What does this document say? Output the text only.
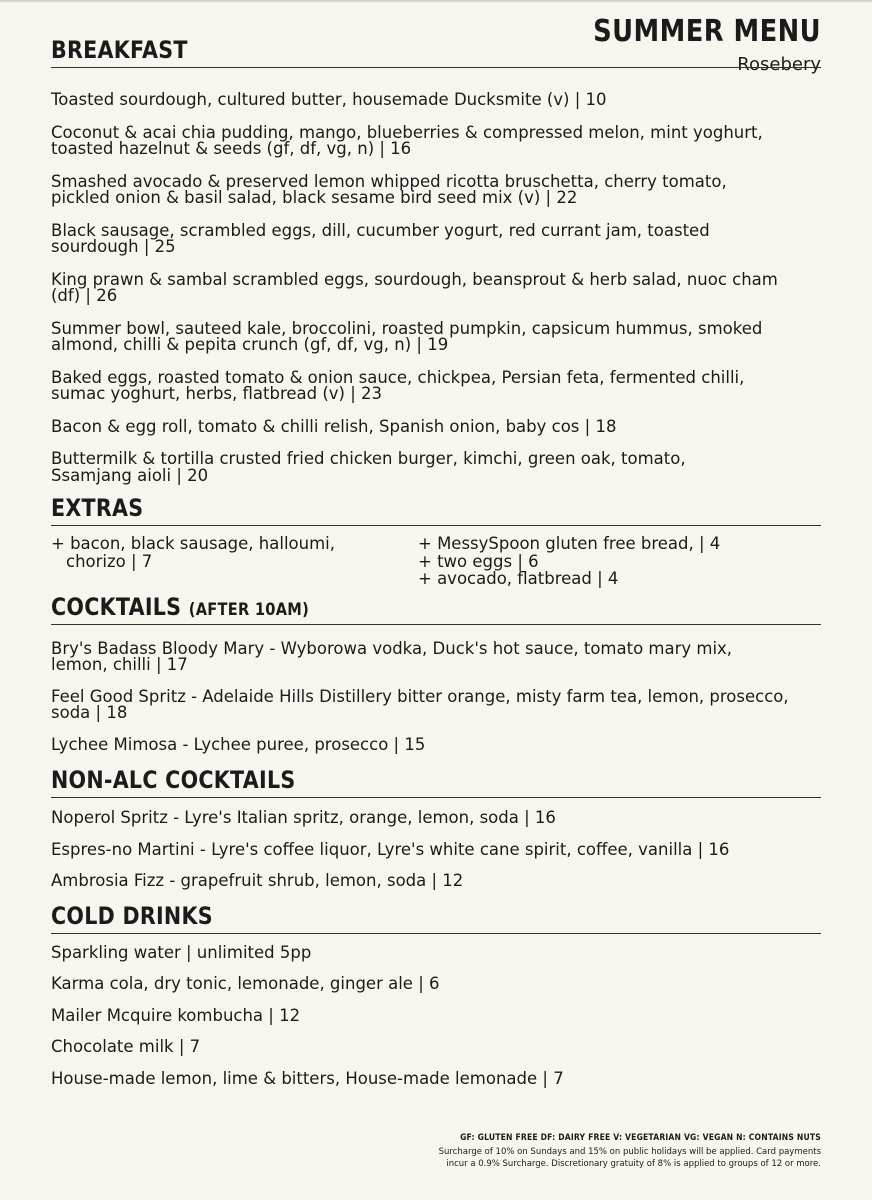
SUMMER MENU
Rosebery
BREAKFAST
Toasted sourdough, cultured butter, housemade Ducksmite (v) | 10
Coconut & acai chia pudding, mango, blueberries & compressed melon, mint yoghurt,
toasted hazelnut & seeds (gf, df, vg, n) | 16
Smashed avocado & preserved lemon whipped ricotta bruschetta, cherry tomato,
pickled onion & basil salad, black sesame bird seed mix (v) | 22
Black sausage, scrambled eggs, dill, cucumber yogurt, red currant jam, toasted
sourdough | 25
King prawn & sambal scrambled eggs, sourdough, beansprout & herb salad, nuoc cham
(df) | 26
Summer bowl, sauteed kale, broccolini, roasted pumpkin, capsicum hummus, smoked
almond, chilli & pepita crunch (gf, df, vg, n) | 19
Baked eggs, roasted tomato & onion sauce, chickpea, Persian feta, fermented chilli,
sumac yoghurt, herbs, flatbread (v) | 23
Bacon & egg roll, tomato & chilli relish, Spanish onion, baby cos | 18
Buttermilk & tortilla crusted fried chicken burger, kimchi, green oak, tomato,
Ssamjang aioli | 20
EXTRAS
+ bacon, black sausage, halloumi,
chorizo | 7
+ MessySpoon gluten free bread, | 4
+ two eggs | 6
+ avocado, flatbread | 4
COCKTAILS (AFTER 10AM)
Bry's Badass Bloody Mary - Wyborowa vodka, Duck's hot sauce, tomato mary mix,
lemon, chilli | 17
Feel Good Spritz - Adelaide Hills Distillery bitter orange, misty farm tea, lemon, prosecco,
soda | 18
Lychee Mimosa - Lychee puree, prosecco | 15
NON-ALC COCKTAILS
Noperol Spritz - Lyre's Italian spritz, orange, lemon, soda | 16
Espres-no Martini - Lyre's coffee liquor, Lyre's white cane spirit, coffee, vanilla | 16
Ambrosia Fizz - grapefruit shrub, lemon, soda | 12
COLD DRINKS
Sparkling water | unlimited 5pp
Karma cola, dry tonic, lemonade, ginger ale | 6
Mailer Mcquire kombucha | 12
Chocolate milk | 7
House-made lemon, lime & bitters, House-made lemonade | 7
GF: GLUTEN FREE DF: DAIRY FREE V: VEGETARIAN VG: VEGAN N: CONTAINS NUTS
Surcharge of 10% on Sundays and 15% on public holidays will be applied. Card payments
incur a 0.9% Surcharge. Discretionary gratuity of 8% is applied to groups of 12 or more.
